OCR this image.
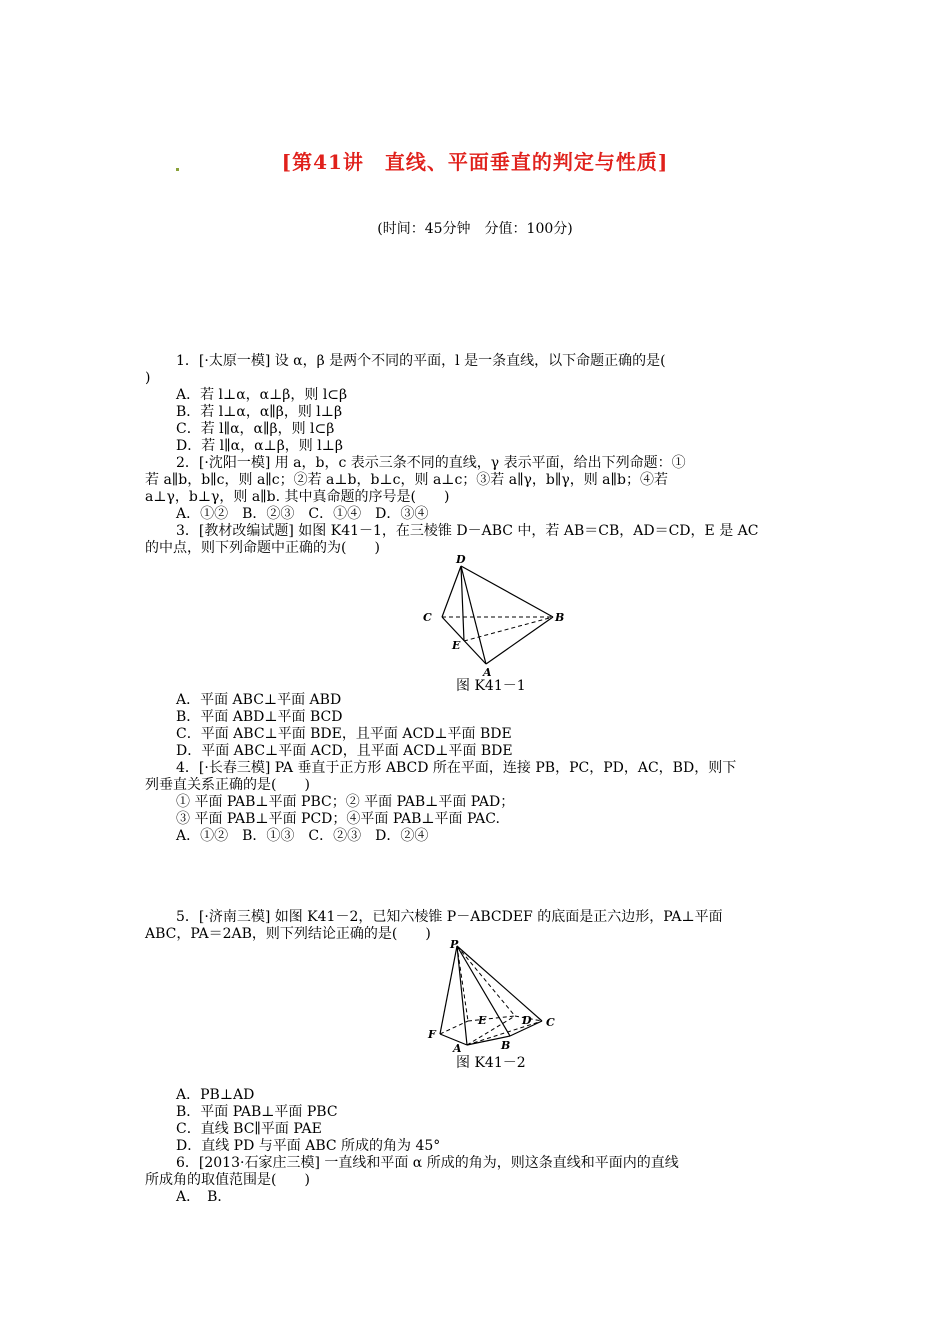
[第41讲　直线、平面垂直的判定与性质]
(时间：45分钟　分值：100分)
1．[·太原一模] 设 α，β 是两个不同的平面，l 是一条直线，以下命题正确的是(
)
A．若 l⊥α，α⊥β，则 l⊂β
B．若 l⊥α，α∥β，则 l⊥β
C．若 l∥α，α∥β，则 l⊂β
D．若 l∥α，α⊥β，则 l⊥β
2．[·沈阳一模] 用 a，b，c 表示三条不同的直线，γ 表示平面，给出下列命题：①
若 a∥b，b∥c，则 a∥c；②若 a⊥b，b⊥c，则 a⊥c；③若 a∥γ，b∥γ，则 a∥b；④若
a⊥γ，b⊥γ，则 a∥b. 其中真命题的序号是(　　)
A．①②　B．②③　C．①④　D．③④
3．[教材改编试题] 如图 K41－1，在三棱锥 D－ABC 中，若 AB＝CB，AD＝CD，E 是 AC
的中点，则下列命题中正确的为(　　)
D
C	B
E
A
图 K41－1
A．平面 ABC⊥平面 ABD
B．平面 ABD⊥平面 BCD
C．平面 ABC⊥平面 BDE，且平面 ACD⊥平面 BDE
D．平面 ABC⊥平面 ACD，且平面 ACD⊥平面 BDE
4．[·长春三模] PA 垂直于正方形 ABCD 所在平面，连接 PB，PC，PD，AC，BD，则下
列垂直关系正确的是(　　)
① 平面 PAB⊥平面 PBC；② 平面 PAB⊥平面 PAD；
③ 平面 PAB⊥平面 PCD；④平面 PAB⊥平面 PAC.
A．①②　B．①③　C．②③　D．②④
5．[·济南三模] 如图 K41－2，已知六棱锥 P－ABCDEF 的底面是正六边形，PA⊥平面
ABC，PA＝2AB，则下列结论正确的是(　　)
P
F
E	D C
A	B
图 K41－2
A．PB⊥AD
B．平面 PAB⊥平面 PBC
C．直线 BC∥平面 PAE
D．直线 PD 与平面 ABC 所成的角为 45°
6．[2013·石家庄三模] 一直线和平面 α 所成的角为，则这条直线和平面内的直线
所成角的取值范围是(　　)
A．　B．
